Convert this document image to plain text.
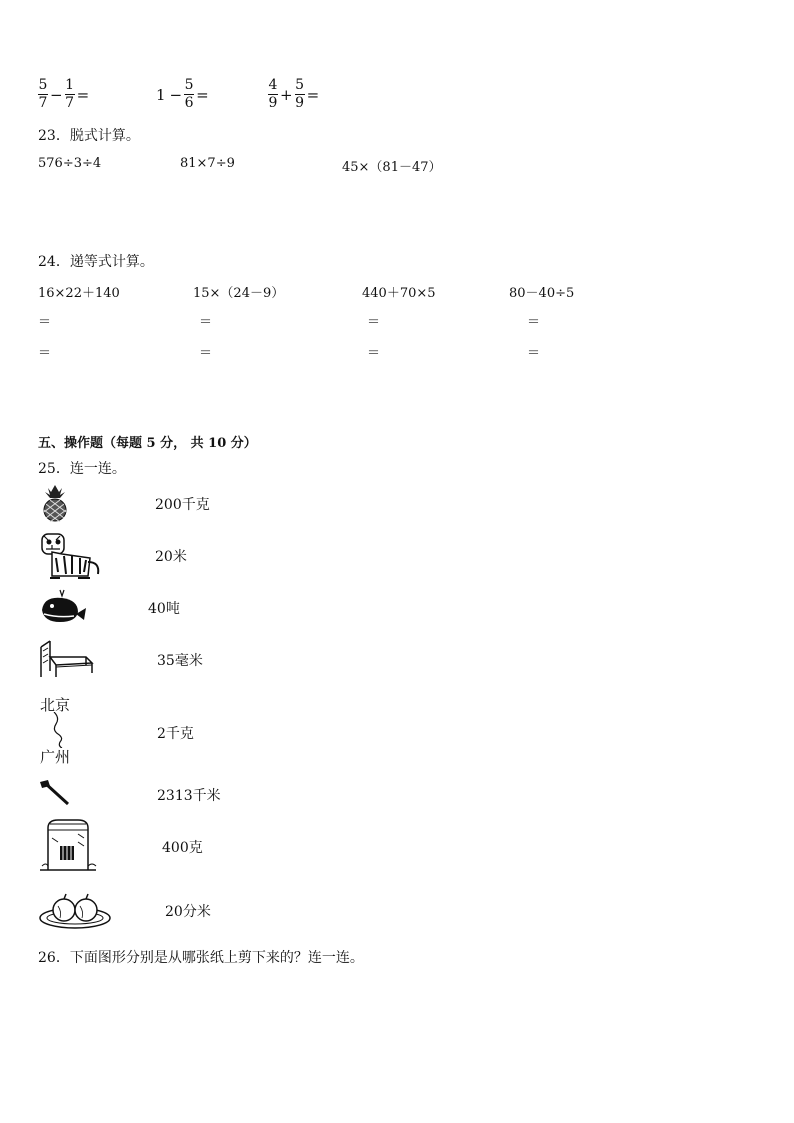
$\frac{5}{7} - \frac{1}{7}$ =	$1 - \frac{5}{6}$ =	$\frac{4}{9} + \frac{5}{9}$ =
23．脱式计算。
576÷3÷4	81×7÷9	45×（81－47）
24．递等式计算。
16×22＋140	15×（24－9）	440＋70×5	80－40÷5
＝	＝	＝	＝
＝	＝	＝	＝
五、操作题（每题 5 分， 共 10 分）
25．连一连。
200千克
20米
40吨
35毫米
北京
广州
2千克
2313千米
400克
20分米
26．下面图形分别是从哪张纸上剪下来的？连一连。
